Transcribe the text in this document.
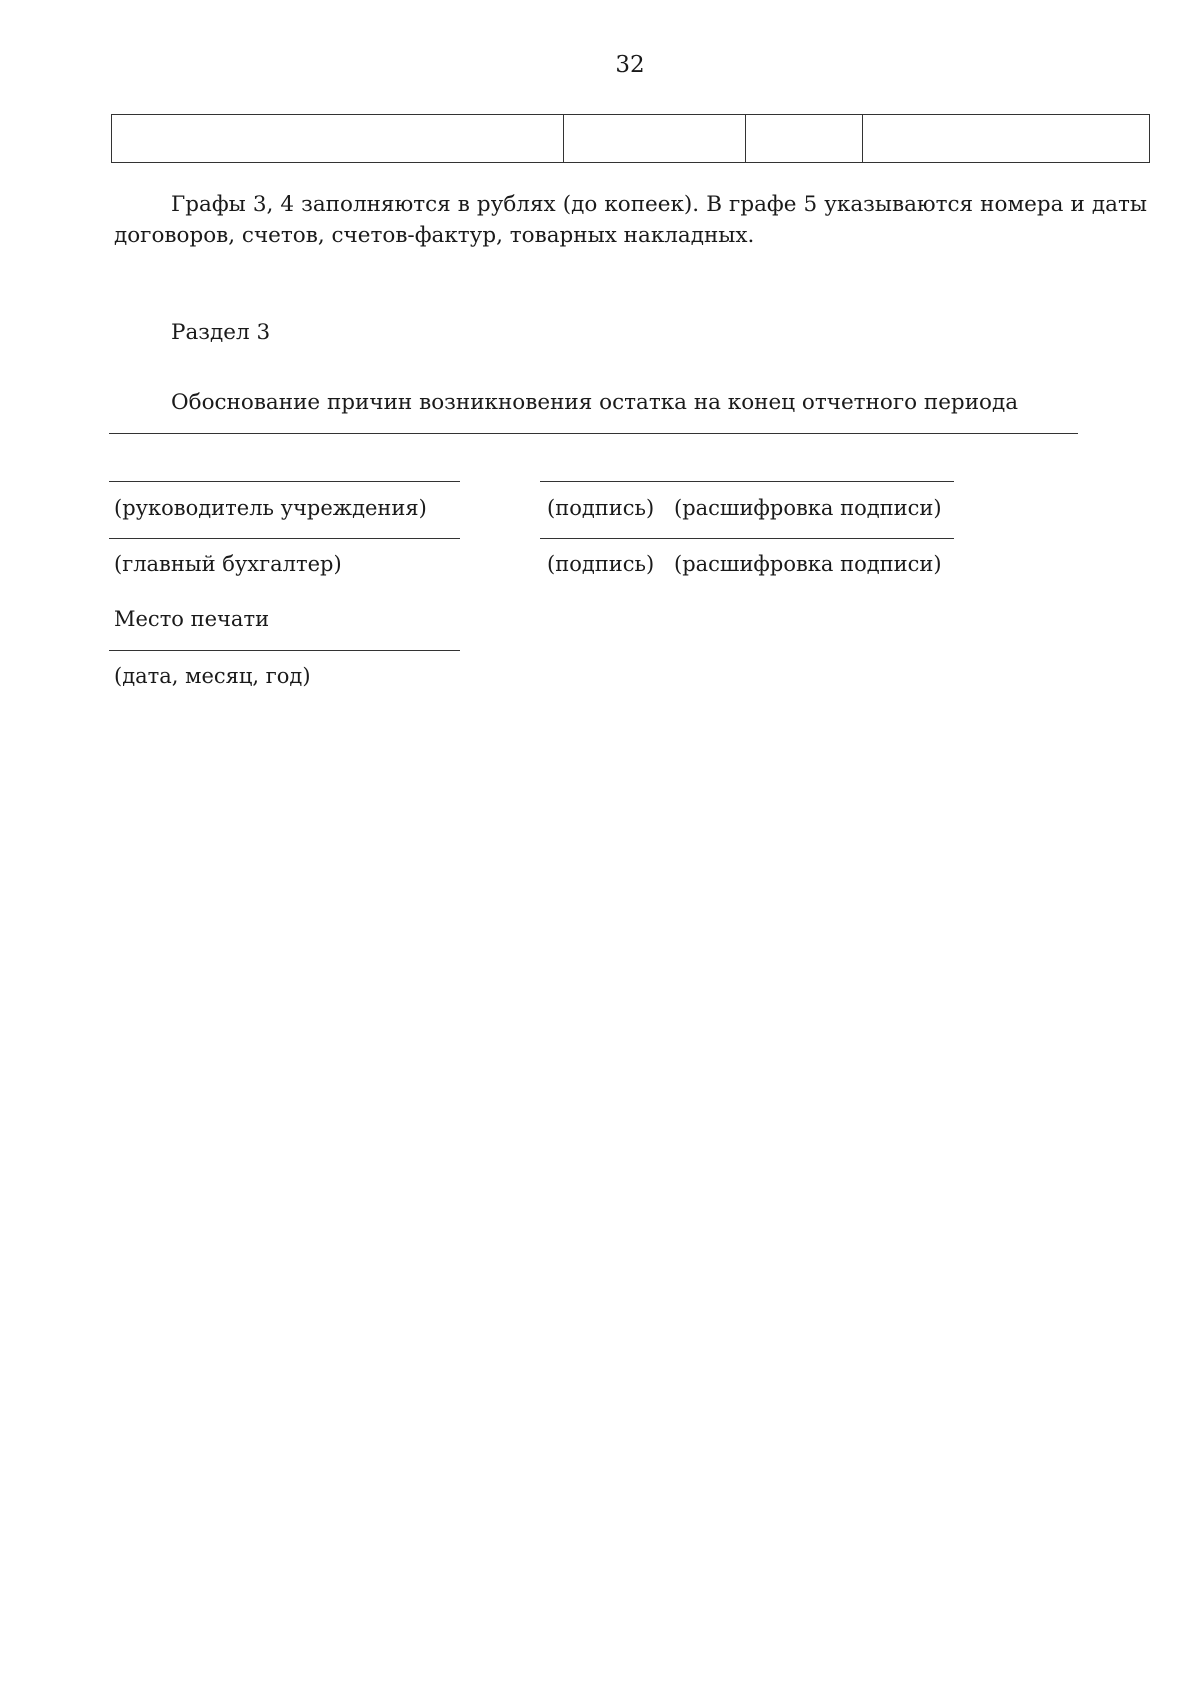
32

Графы 3, 4 заполняются в рублях (до копеек). В графе 5 указываются номера и даты договоров, счетов, счетов-фактур, товарных накладных.
Раздел 3
Обоснование причин возникновения остатка на конец отчетного периода
(руководитель учреждения)	(подпись) (расшифровка подписи)
(главный бухгалтер)	(подпись) (расшифровка подписи)
Место печати
(дата, месяц, год)
